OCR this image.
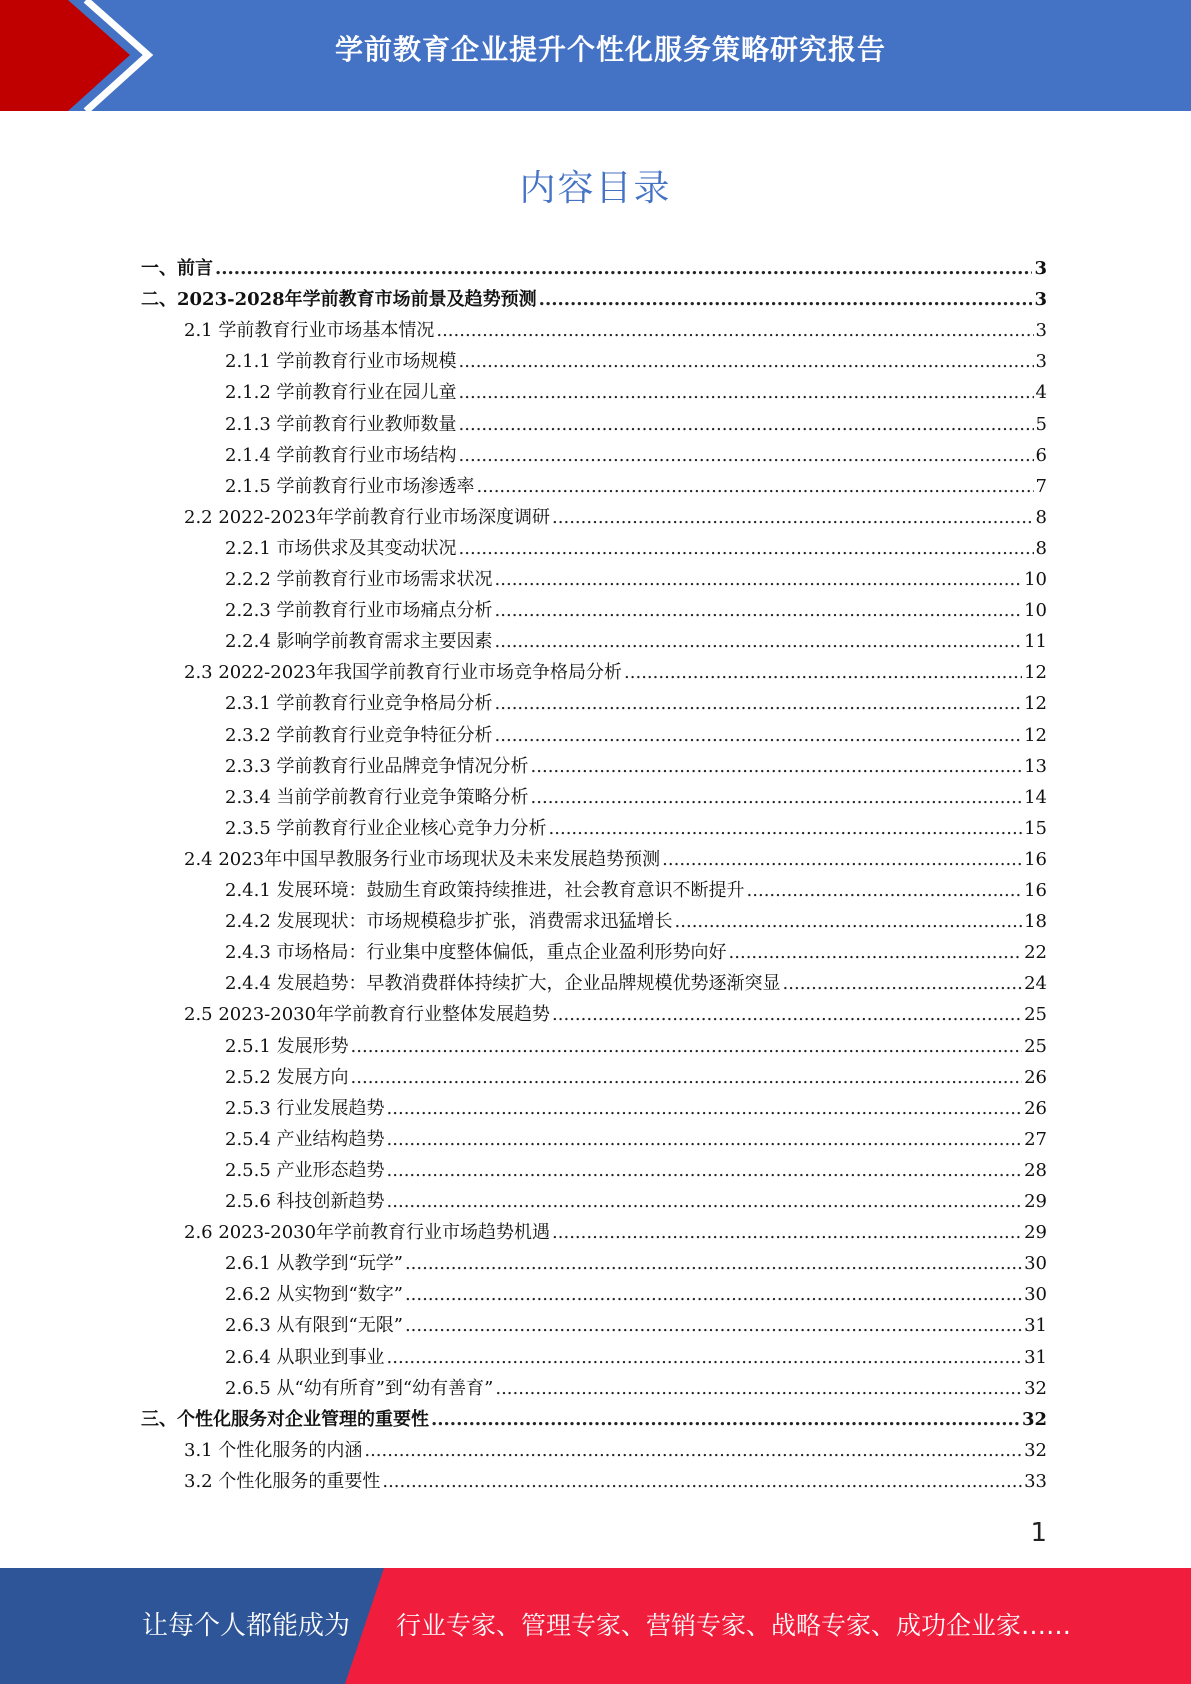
学前教育企业提升个性化服务策略研究报告
内容目录
一、前言 .....	3
二、2023-2028年学前教育市场前景及趋势预测 .....	3
2.1 学前教育行业市场基本情况 .....	3
2.1.1 学前教育行业市场规模 .....	3
2.1.2 学前教育行业在园儿童 .....	4
2.1.3 学前教育行业教师数量 .....	5
2.1.4 学前教育行业市场结构 .....	6
2.1.5 学前教育行业市场渗透率 .....	7
2.2 2022-2023年学前教育行业市场深度调研 .....	8
2.2.1 市场供求及其变动状况 .....	8
2.2.2 学前教育行业市场需求状况 .....	10
2.2.3 学前教育行业市场痛点分析 .....	10
2.2.4 影响学前教育需求主要因素 .....	11
2.3 2022-2023年我国学前教育行业市场竞争格局分析 .....	12
2.3.1 学前教育行业竞争格局分析 .....	12
2.3.2 学前教育行业竞争特征分析 .....	12
2.3.3 学前教育行业品牌竞争情况分析 .....	13
2.3.4 当前学前教育行业竞争策略分析 .....	14
2.3.5 学前教育行业企业核心竞争力分析 .....	15
2.4 2023年中国早教服务行业市场现状及未来发展趋势预测 .....	16
2.4.1 发展环境：鼓励生育政策持续推进，社会教育意识不断提升 .....	16
2.4.2 发展现状：市场规模稳步扩张，消费需求迅猛增长 .....	18
2.4.3 市场格局：行业集中度整体偏低，重点企业盈利形势向好 .....	22
2.4.4 发展趋势：早教消费群体持续扩大，企业品牌规模优势逐渐突显 .....	24
2.5 2023-2030年学前教育行业整体发展趋势 .....	25
2.5.1 发展形势 .....	25
2.5.2 发展方向 .....	26
2.5.3 行业发展趋势 .....	26
2.5.4 产业结构趋势 .....	27
2.5.5 产业形态趋势 .....	28
2.5.6 科技创新趋势 .....	29
2.6 2023-2030年学前教育行业市场趋势机遇 .....	29
2.6.1 从教学到“玩学” .....	30
2.6.2 从实物到“数字” .....	30
2.6.3 从有限到“无限” .....	31
2.6.4 从职业到事业 .....	31
2.6.5 从“幼有所育”到“幼有善育” .....	32
三、个性化服务对企业管理的重要性 .....	32
3.1 个性化服务的内涵 .....	32
3.2 个性化服务的重要性 .....	33
1
让每个人都能成为 行业专家、管理专家、营销专家、战略专家、成功企业家……
